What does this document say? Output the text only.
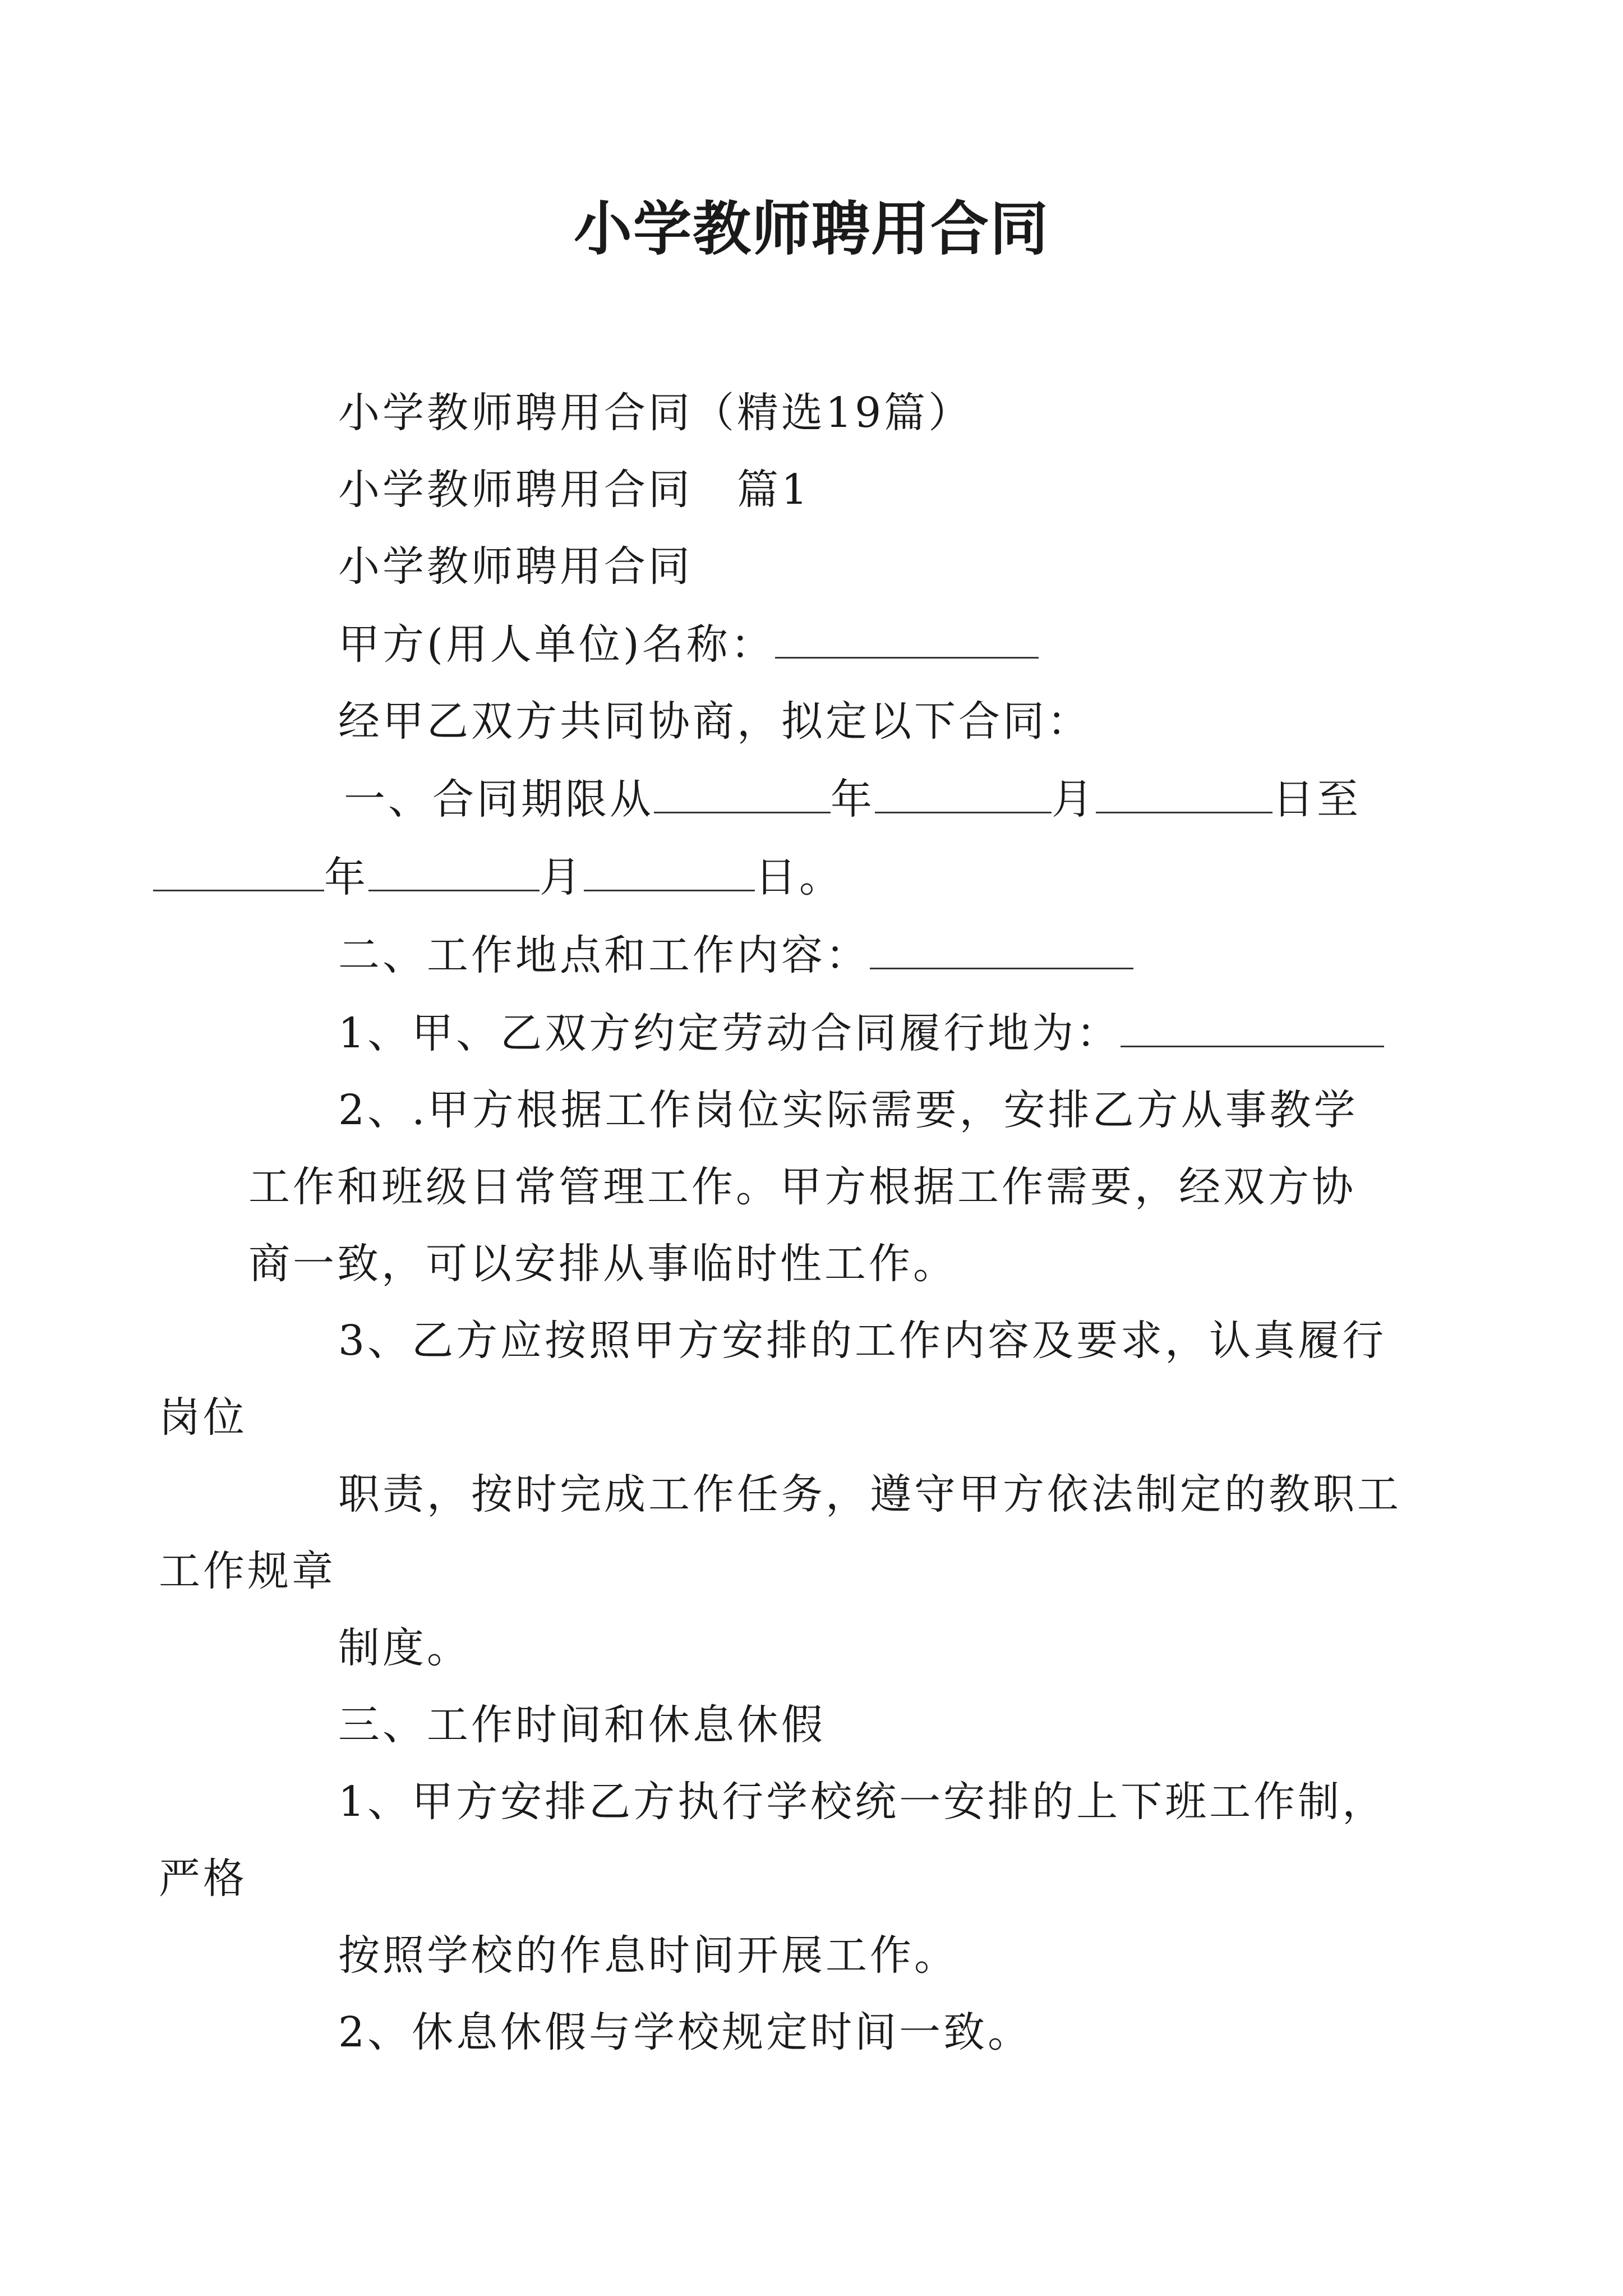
小学教师聘用合同

小学教师聘用合同（精选19篇）

小学教师聘用合同　篇1

小学教师聘用合同

甲方(用人单位)名称：

经甲乙双方共同协商，拟定以下合同：

一、合同期限从	年	月	日至
年	月	日。

二、工作地点和工作内容：

1、甲、乙双方约定劳动合同履行地为：

2、.甲方根据工作岗位实际需要，安排乙方从事教学工作和班级日常管理工作。甲方根据工作需要，经双方协商一致，可以安排从事临时性工作。

3、乙方应按照甲方安排的工作内容及要求，认真履行
岗位

职责，按时完成工作任务，遵守甲方依法制定的教职工
工作规章

制度。

三、工作时间和休息休假

1、甲方安排乙方执行学校统一安排的上下班工作制，
严格

按照学校的作息时间开展工作。

2、休息休假与学校规定时间一致。
